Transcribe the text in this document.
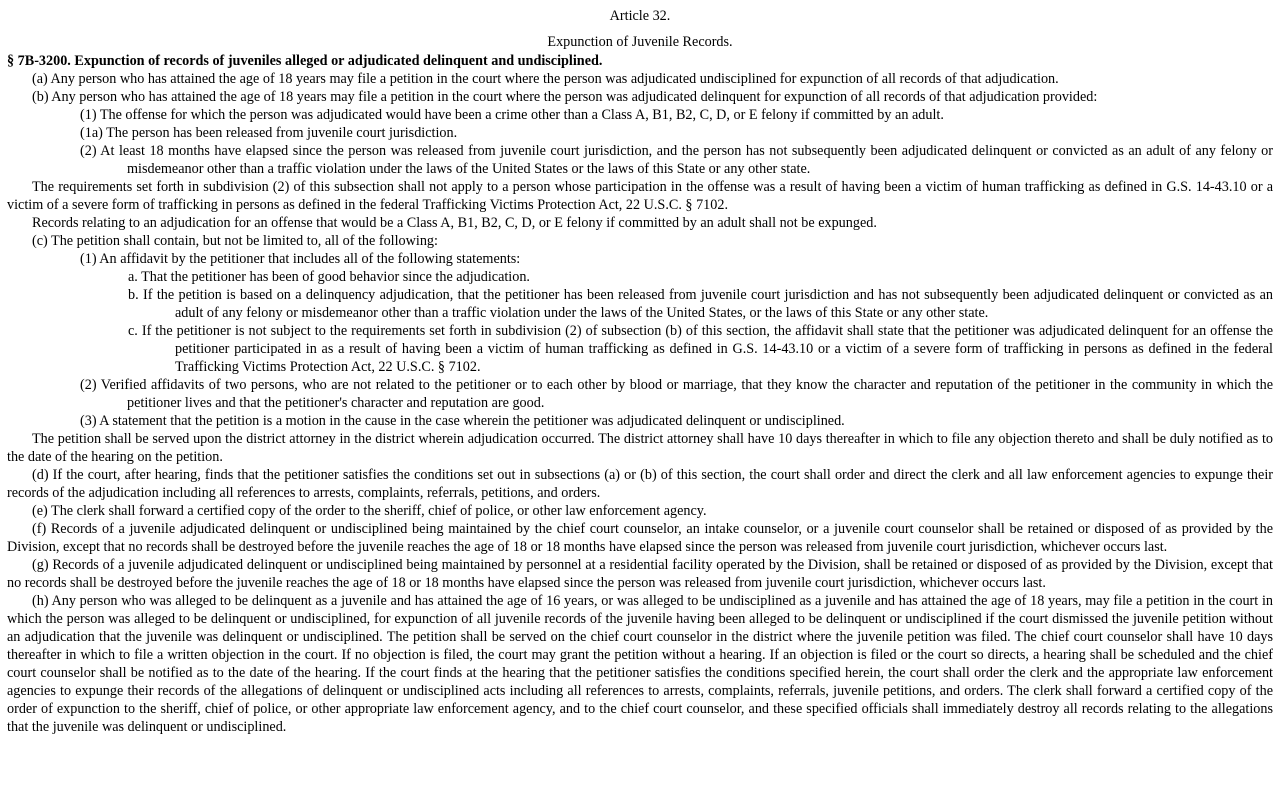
Article 32.
Expunction of Juvenile Records.
§ 7B-3200. Expunction of records of juveniles alleged or adjudicated delinquent and undisciplined.

(a) Any person who has attained the age of 18 years may file a petition in the court where the person was adjudicated undisciplined for expunction of all records of that adjudication.

(b) Any person who has attained the age of 18 years may file a petition in the court where the person was adjudicated delinquent for expunction of all records of that adjudication provided:

(1) The offense for which the person was adjudicated would have been a crime other than a Class A, B1, B2, C, D, or E felony if committed by an adult.

(1a) The person has been released from juvenile court jurisdiction.

(2) At least 18 months have elapsed since the person was released from juvenile court jurisdiction, and the person has not subsequently been adjudicated delinquent or convicted as an adult of any felony or misdemeanor other than a traffic violation under the laws of the United States or the laws of this State or any other state.

The requirements set forth in subdivision (2) of this subsection shall not apply to a person whose participation in the offense was a result of having been a victim of human trafficking as defined in G.S. 14-43.10 or a victim of a severe form of trafficking in persons as defined in the federal Trafficking Victims Protection Act, 22 U.S.C. § 7102.

Records relating to an adjudication for an offense that would be a Class A, B1, B2, C, D, or E felony if committed by an adult shall not be expunged.

(c) The petition shall contain, but not be limited to, all of the following:

(1) An affidavit by the petitioner that includes all of the following statements:

a. That the petitioner has been of good behavior since the adjudication.

b. If the petition is based on a delinquency adjudication, that the petitioner has been released from juvenile court jurisdiction and has not subsequently been adjudicated delinquent or convicted as an adult of any felony or misdemeanor other than a traffic violation under the laws of the United States, or the laws of this State or any other state.

c. If the petitioner is not subject to the requirements set forth in subdivision (2) of subsection (b) of this section, the affidavit shall state that the petitioner was adjudicated delinquent for an offense the petitioner participated in as a result of having been a victim of human trafficking as defined in G.S. 14-43.10 or a victim of a severe form of trafficking in persons as defined in the federal Trafficking Victims Protection Act, 22 U.S.C. § 7102.

(2) Verified affidavits of two persons, who are not related to the petitioner or to each other by blood or marriage, that they know the character and reputation of the petitioner in the community in which the petitioner lives and that the petitioner's character and reputation are good.

(3) A statement that the petition is a motion in the cause in the case wherein the petitioner was adjudicated delinquent or undisciplined.

The petition shall be served upon the district attorney in the district wherein adjudication occurred. The district attorney shall have 10 days thereafter in which to file any objection thereto and shall be duly notified as to the date of the hearing on the petition.

(d) If the court, after hearing, finds that the petitioner satisfies the conditions set out in subsections (a) or (b) of this section, the court shall order and direct the clerk and all law enforcement agencies to expunge their records of the adjudication including all references to arrests, complaints, referrals, petitions, and orders.

(e) The clerk shall forward a certified copy of the order to the sheriff, chief of police, or other law enforcement agency.

(f) Records of a juvenile adjudicated delinquent or undisciplined being maintained by the chief court counselor, an intake counselor, or a juvenile court counselor shall be retained or disposed of as provided by the Division, except that no records shall be destroyed before the juvenile reaches the age of 18 or 18 months have elapsed since the person was released from juvenile court jurisdiction, whichever occurs last.

(g) Records of a juvenile adjudicated delinquent or undisciplined being maintained by personnel at a residential facility operated by the Division, shall be retained or disposed of as provided by the Division, except that no records shall be destroyed before the juvenile reaches the age of 18 or 18 months have elapsed since the person was released from juvenile court jurisdiction, whichever occurs last.

(h) Any person who was alleged to be delinquent as a juvenile and has attained the age of 16 years, or was alleged to be undisciplined as a juvenile and has attained the age of 18 years, may file a petition in the court in which the person was alleged to be delinquent or undisciplined, for expunction of all juvenile records of the juvenile having been alleged to be delinquent or undisciplined if the court dismissed the juvenile petition without an adjudication that the juvenile was delinquent or undisciplined. The petition shall be served on the chief court counselor in the district where the juvenile petition was filed. The chief court counselor shall have 10 days thereafter in which to file a written objection in the court. If no objection is filed, the court may grant the petition without a hearing. If an objection is filed or the court so directs, a hearing shall be scheduled and the chief court counselor shall be notified as to the date of the hearing. If the court finds at the hearing that the petitioner satisfies the conditions specified herein, the court shall order the clerk and the appropriate law enforcement agencies to expunge their records of the allegations of delinquent or undisciplined acts including all references to arrests, complaints, referrals, juvenile petitions, and orders. The clerk shall forward a certified copy of the order of expunction to the sheriff, chief of police, or other appropriate law enforcement agency, and to the chief court counselor, and these specified officials shall immediately destroy all records relating to the allegations that the juvenile was delinquent or undisciplined.
